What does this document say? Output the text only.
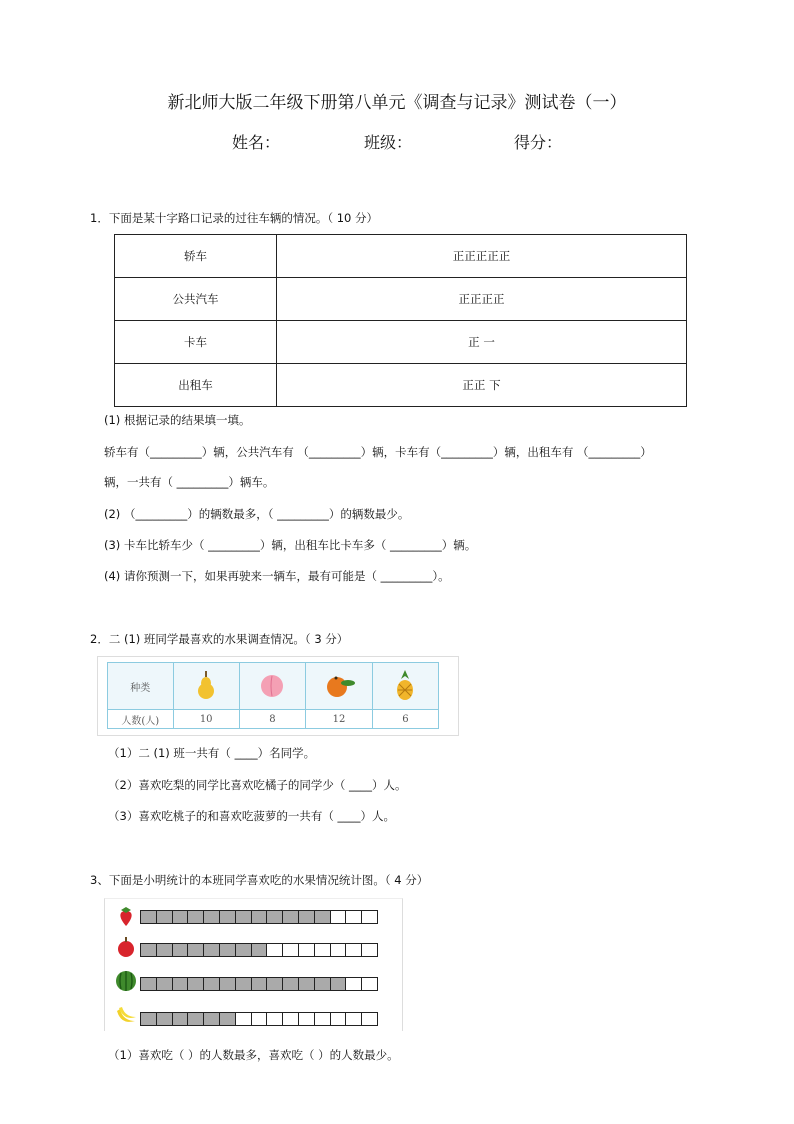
新北师大版二年级下册第八单元《调查与记录》测试卷（一）
姓名：	班级：	得分：
1．下面是某十字路口记录的过往车辆的情况。（ 10 分）
轿车	正正正正正
公共汽车	正正正正
卡车	正 一
出租车	正正 下
(1) 根据记录的结果填一填。
轿车有（_________）辆，公共汽车有 （_________）辆，卡车有（_________）辆，出租车有 （_________）
辆，一共有（ _________）辆车。
(2) （_________）的辆数最多，（ _________）的辆数最少。
(3) 卡车比轿车少（ _________）辆，出租车比卡车多（ _________）辆。
(4) 请你预测一下，如果再驶来一辆车，最有可能是（ _________）。
2．二 (1) 班同学最喜欢的水果调查情况。（ 3 分）
种类				
人数(人)	10	8	12	6
（1）二 (1) 班一共有（ ____）名同学。
（2）喜欢吃梨的同学比喜欢吃橘子的同学少（ ____）人。
（3）喜欢吃桃子的和喜欢吃菠萝的一共有（ ____）人。
3、下面是小明统计的本班同学喜欢吃的水果情况统计图。（ 4 分）
（1）喜欢吃（ ）的人数最多，喜欢吃（ ）的人数最少。
